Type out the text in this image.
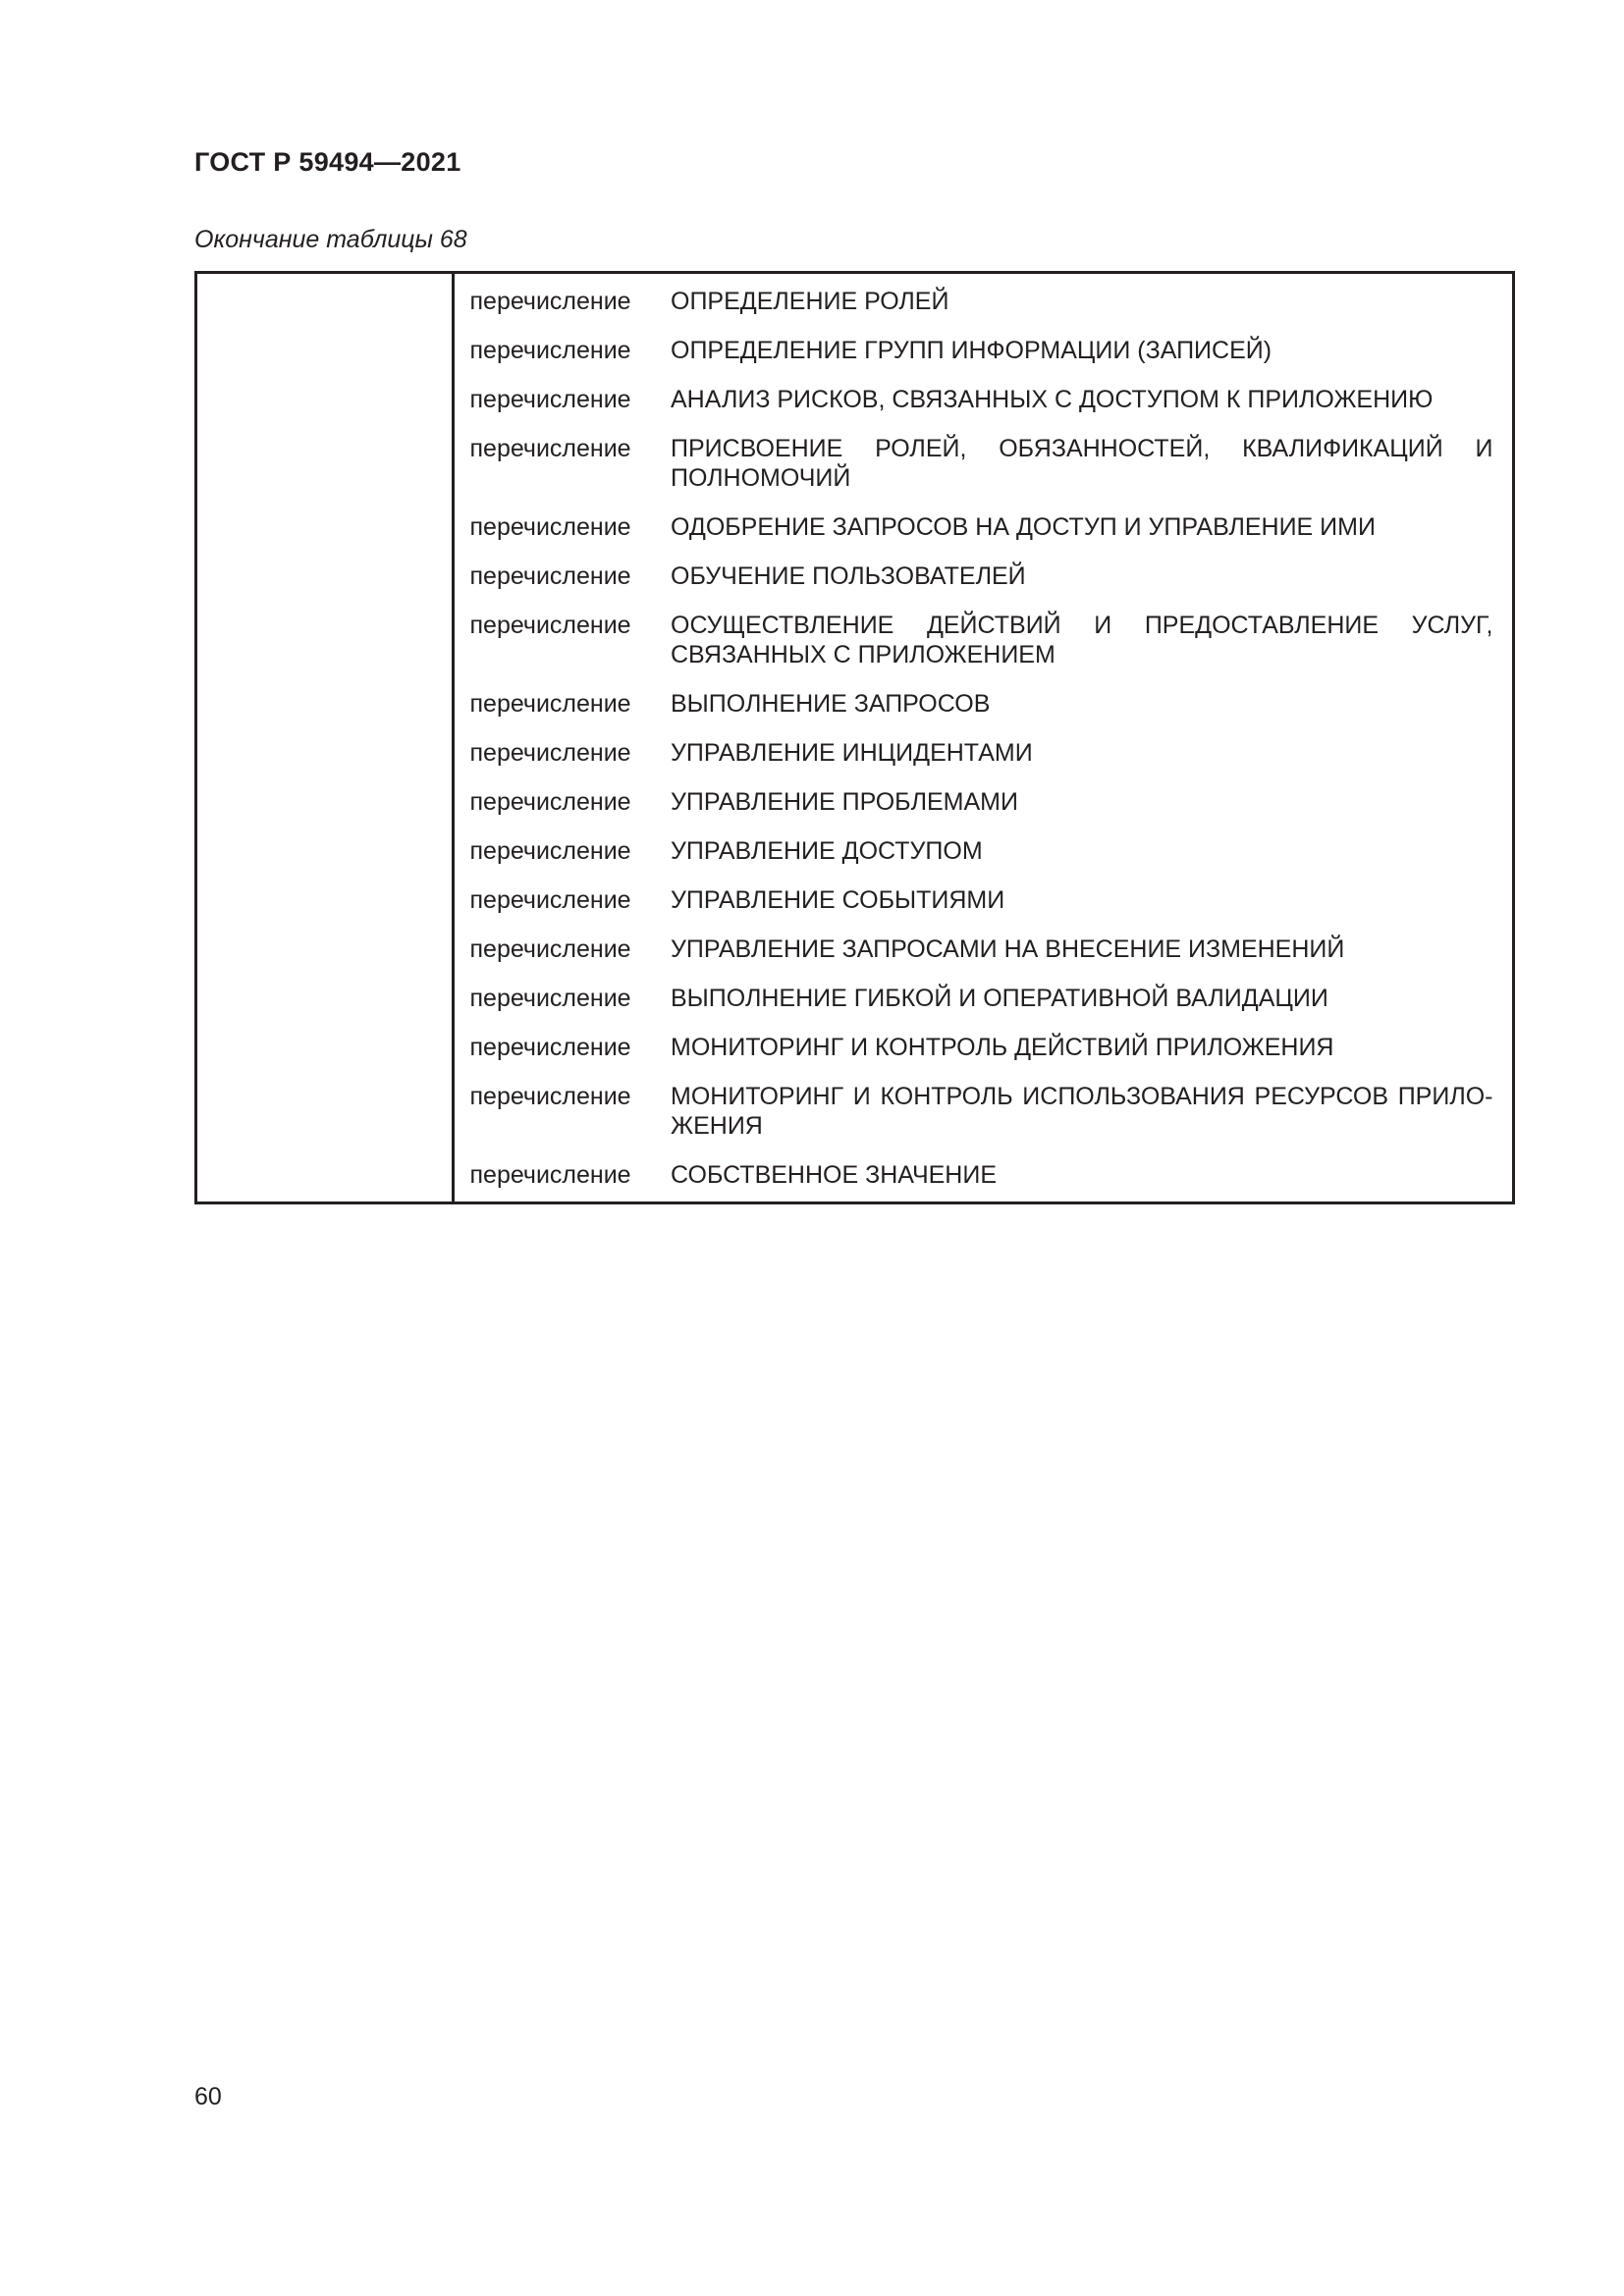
ГОСТ Р 59494—2021

Окончание таблицы 68

	перечисление	ОПРЕДЕЛЕНИЕ РОЛЕЙ
	перечисление	ОПРЕДЕЛЕНИЕ ГРУПП ИНФОРМАЦИИ (ЗАПИСЕЙ)
	перечисление	АНАЛИЗ РИСКОВ, СВЯЗАННЫХ С ДОСТУПОМ К ПРИЛОЖЕНИЮ
	перечисление	ПРИСВОЕНИЕ РОЛЕЙ, ОБЯЗАННОСТЕЙ, КВАЛИФИКАЦИЙ И ПОЛНОМОЧИЙ
	перечисление	ОДОБРЕНИЕ ЗАПРОСОВ НА ДОСТУП И УПРАВЛЕНИЕ ИМИ
	перечисление	ОБУЧЕНИЕ ПОЛЬЗОВАТЕЛЕЙ
	перечисление	ОСУЩЕСТВЛЕНИЕ ДЕЙСТВИЙ И ПРЕДОСТАВЛЕНИЕ УСЛУГ, СВЯЗАННЫХ С ПРИЛОЖЕНИЕМ
	перечисление	ВЫПОЛНЕНИЕ ЗАПРОСОВ
	перечисление	УПРАВЛЕНИЕ ИНЦИДЕНТАМИ
	перечисление	УПРАВЛЕНИЕ ПРОБЛЕМАМИ
	перечисление	УПРАВЛЕНИЕ ДОСТУПОМ
	перечисление	УПРАВЛЕНИЕ СОБЫТИЯМИ
	перечисление	УПРАВЛЕНИЕ ЗАПРОСАМИ НА ВНЕСЕНИЕ ИЗМЕНЕНИЙ
	перечисление	ВЫПОЛНЕНИЕ ГИБКОЙ И ОПЕРАТИВНОЙ ВАЛИДАЦИИ
	перечисление	МОНИТОРИНГ И КОНТРОЛЬ ДЕЙСТВИЙ ПРИЛОЖЕНИЯ
	перечисление	МОНИТОРИНГ И КОНТРОЛЬ ИСПОЛЬЗОВАНИЯ РЕСУРСОВ ПРИЛОЖЕНИЯ
	перечисление	СОБСТВЕННОЕ ЗНАЧЕНИЕ

60
